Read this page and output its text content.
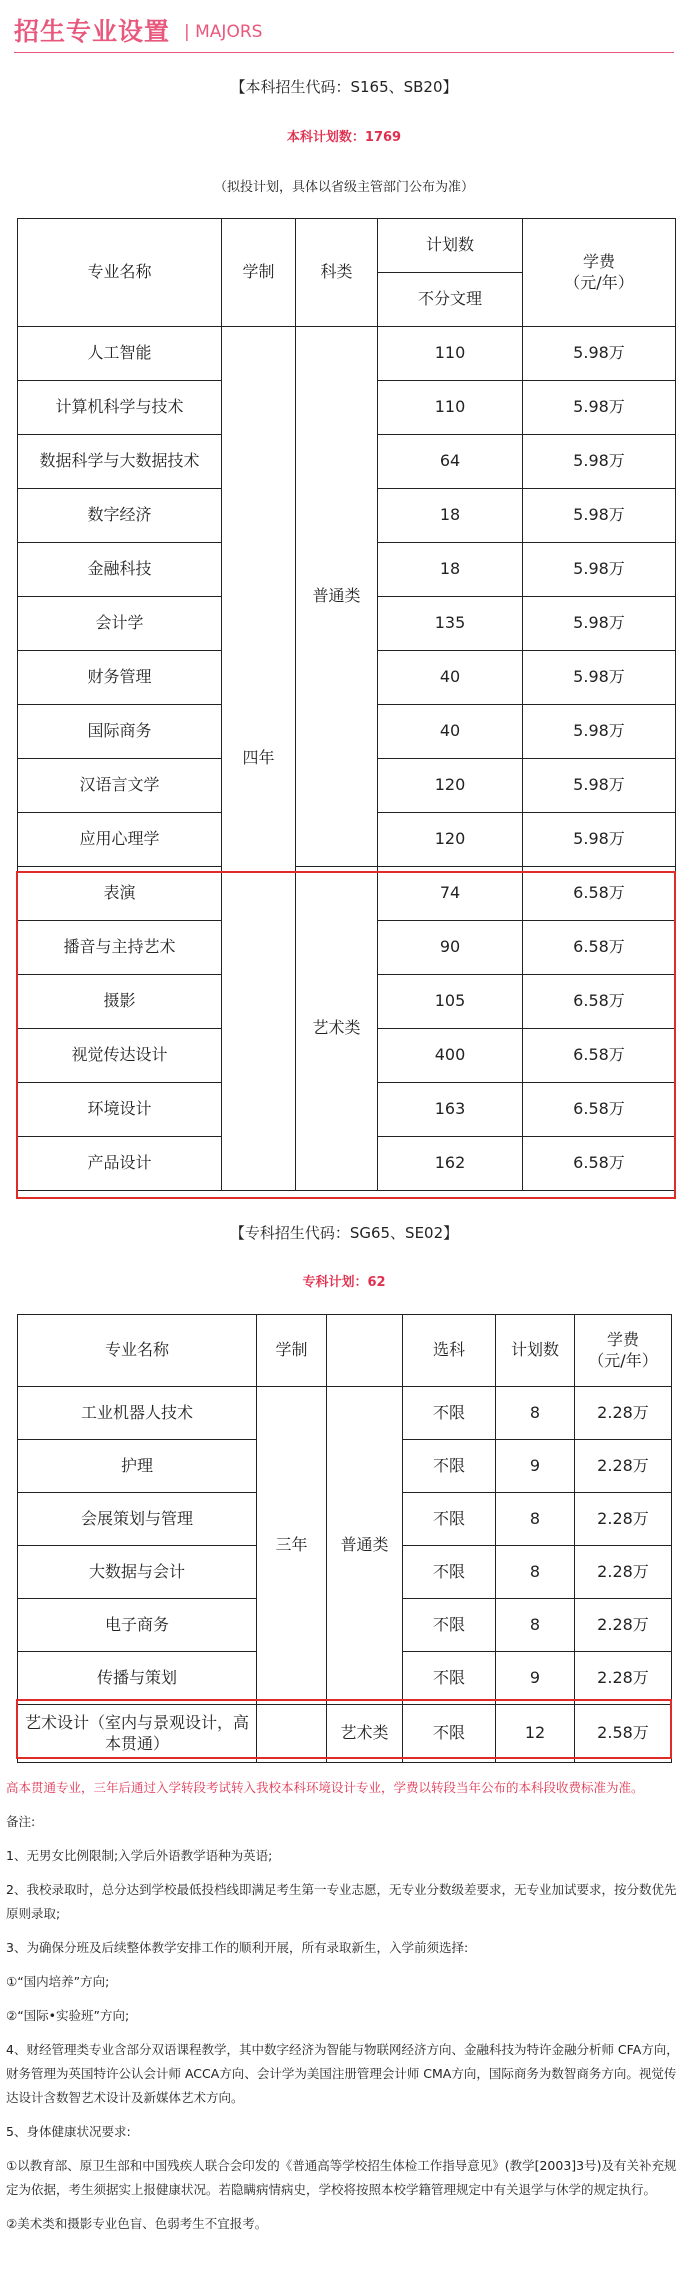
招生专业设置 | MAJORS
【本科招生代码：S165、SB20】
本科计划数：1769
（拟投计划，具体以省级主管部门公布为准）
专业名称	学制	科类	计划数	学费
（元/年）
			不分文理	
人工智能	四年	普通类	110	5.98万
计算机科学与技术			110	5.98万
数据科学与大数据技术			64	5.98万
数字经济			18	5.98万
金融科技			18	5.98万
会计学			135	5.98万
财务管理			40	5.98万
国际商务			40	5.98万
汉语言文学			120	5.98万
应用心理学			120	5.98万
表演		艺术类	74	6.58万
播音与主持艺术			90	6.58万
摄影			105	6.58万
视觉传达设计			400	6.58万
环境设计			163	6.58万
产品设计			162	6.58万
【专科招生代码：SG65、SE02】
专科计划：62
专业名称	学制		选科	计划数	学费
（元/年）
工业机器人技术	三年	普通类	不限	8	2.28万
护理			不限	9	2.28万
会展策划与管理			不限	8	2.28万
大数据与会计			不限	8	2.28万
电子商务			不限	8	2.28万
传播与策划			不限	9	2.28万
艺术设计（室内与景观设计，高本贯通）		艺术类	不限	12	2.58万

高本贯通专业，三年后通过入学转段考试转入我校本科环境设计专业，学费以转段当年公布的本科段收费标准为准。

备注:

1、无男女比例限制;入学后外语教学语种为英语;

2、我校录取时，总分达到学校最低投档线即满足考生第一专业志愿，无专业分数级差要求，无专业加试要求，按分数优先原则录取;

3、为确保分班及后续整体教学安排工作的顺利开展，所有录取新生，入学前须选择:

①“国内培养”方向;

②“国际•实验班”方向;

4、财经管理类专业含部分双语课程教学，其中数字经济为智能与物联网经济方向、金融科技为特许金融分析师 CFA方向，财务管理为英国特许公认会计师 ACCA方向、会计学为美国注册管理会计师 CMA方向，国际商务为数智商务方向。视觉传达设计含数智艺术设计及新媒体艺术方向。

5、身体健康状况要求:

①以教育部、原卫生部和中国残疾人联合会印发的《普通高等学校招生体检工作指导意见》(教学[2003]3号)及有关补充规定为依据，考生须据实上报健康状况。若隐瞒病情病史，学校将按照本校学籍管理规定中有关退学与休学的规定执行。

②美术类和摄影专业色盲、色弱考生不宜报考。
